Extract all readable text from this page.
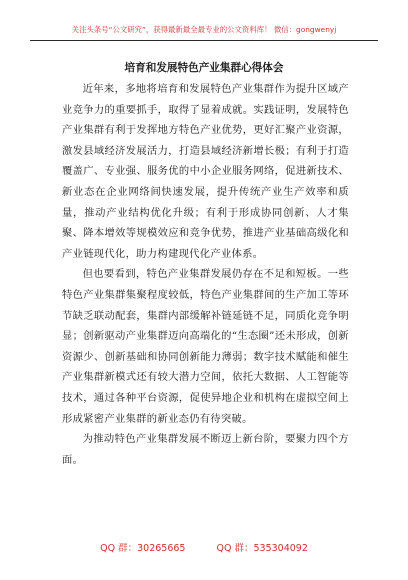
关注头条号“公文研究”，获得最新最全最专业的公文资料库！ 微信：gongwenyj
培育和发展特色产业集群心得体会

近年来，多地将培育和发展特色产业集群作为提升区域产业竞争力的重要抓手，取得了显着成就。实践证明，发展特色产业集群有利于发挥地方特色产业优势，更好汇聚产业资源，激发县域经济发展活力，打造县域经济新增长极；有利于打造覆盖广、专业强、服务优的中小企业服务网络，促进新技术、新业态在企业网络间快速发展，提升传统产业生产效率和质量，推动产业结构优化升级；有利于形成协同创新、人才集聚、降本增效等规模效应和竞争优势，推进产业基础高级化和产业链现代化，助力构建现代化产业体系。

但也要看到，特色产业集群发展仍存在不足和短板。一些特色产业集群集聚程度较低，特色产业集群间的生产加工等环节缺乏联动配套，集群内部缓解补链延链不足，同质化竞争明显；创新驱动产业集群迈向高端化的“生态圈”还未形成，创新资源少、创新基础和协同创新能力薄弱；数字技术赋能和催生产业集群新模式还有较大潜力空间，依托大数据、人工智能等技术，通过各种平台资源，促使异地企业和机构在虚拟空间上形成紧密产业集群的新业态仍有待突破。

为推动特色产业集群发展不断迈上新台阶，要聚力四个方面。

QQ 群：30265665	QQ 群：535304092
